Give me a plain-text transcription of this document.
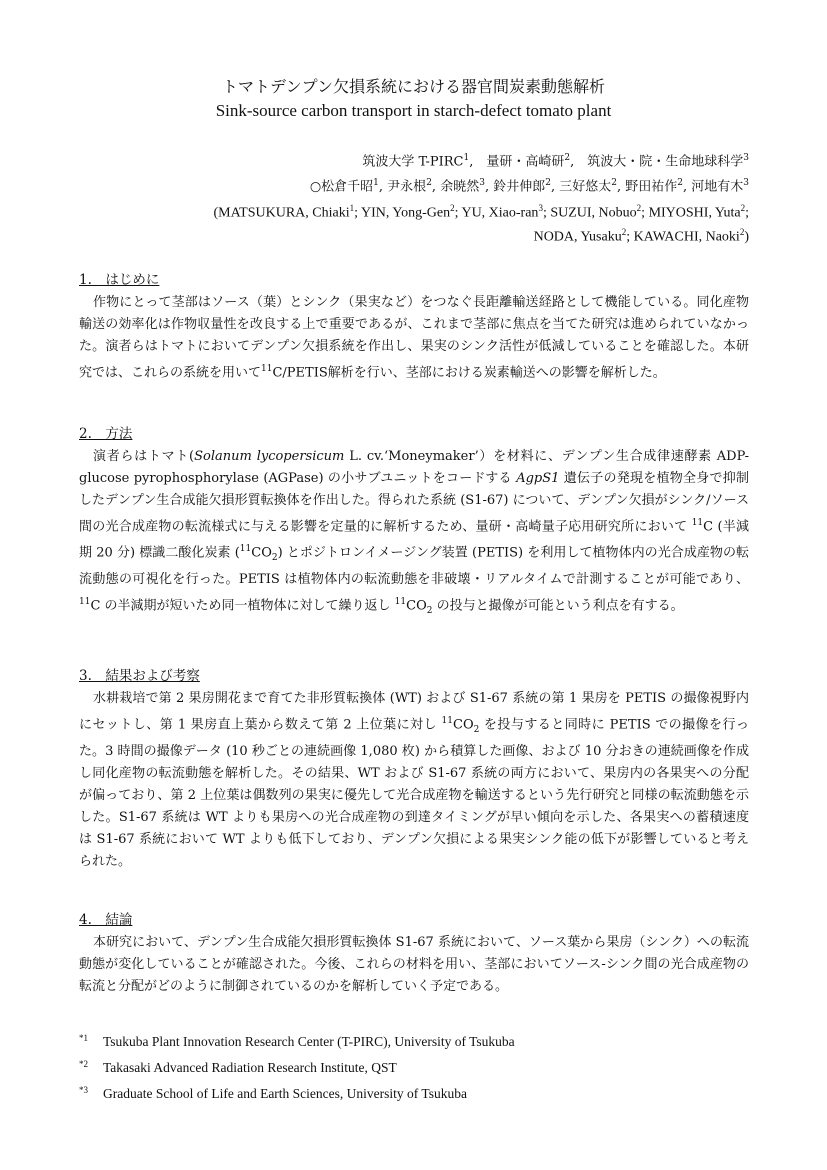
トマトデンプン欠損系統における器官間炭素動態解析
Sink-source carbon transport in starch-defect tomato plant
筑波大学 T-PIRC$^1$,　量研・高崎研$^2$,　筑波大・院・生命地球科学$^3$
○松倉千昭$^1$, 尹永根$^2$, 余暁然$^3$, 鈴井伸郎$^2$, 三好悠太$^2$, 野田祐作$^2$, 河地有木$^3$
(MATSUKURA, Chiaki$^1$; YIN, Yong-Gen$^2$; YU, Xiao-ran$^3$; SUZUI, Nobuo$^2$; MIYOSHI, Yuta$^2$;
NODA, Yusaku$^2$; KAWACHI, Naoki$^2$)

1.　はじめに

作物にとって茎部はソース（葉）とシンク（果実など）をつなぐ長距離輸送経路として機能している。同化産物輸送の効率化は作物収量性を改良する上で重要であるが、これまで茎部に焦点を当てた研究は進められていなかった。演者らはトマトにおいてデンプン欠損系統を作出し、果実のシンク活性が低減していることを確認した。本研究では、これらの系統を用いて$^{11}$C/PETIS解析を行い、茎部における炭素輸送への影響を解析した。

2.　方法

演者らはトマト(Solanum lycopersicum L. cv.‘Moneymaker’）を材料に、デンプン生合成律速酵素 ADP-glucose pyrophosphorylase (AGPase) の小サブユニットをコードする AgpS1 遺伝子の発現を植物全身で抑制したデンプン生合成能欠損形質転換体を作出した。得られた系統 (S1-67) について、デンプン欠損がシンク/ソース間の光合成産物の転流様式に与える影響を定量的に解析するため、量研・高崎量子応用研究所において $^{11}$C (半減期 20 分) 標識二酸化炭素 $(^{11}CO_2)$ とポジトロンイメージング装置 (PETIS) を利用して植物体内の光合成産物の転流動態の可視化を行った。PETIS は植物体内の転流動態を非破壊・リアルタイムで計測することが可能であり、$^{11}$C の半減期が短いため同一植物体に対して繰り返し $^{11}CO_2$ の投与と撮像が可能という利点を有する。

3.　結果および考察

水耕栽培で第 2 果房開花まで育てた非形質転換体 (WT) および S1-67 系統の第 1 果房を PETIS の撮像視野内にセットし、第 1 果房直上葉から数えて第 2 上位葉に対し $^{11}CO_2$ を投与すると同時に PETIS での撮像を行った。3 時間の撮像データ (10 秒ごとの連続画像 1,080 枚) から積算した画像、および 10 分おきの連続画像を作成し同化産物の転流動態を解析した。その結果、WT および S1-67 系統の両方において、果房内の各果実への分配が偏っており、第 2 上位葉は偶数列の果実に優先して光合成産物を輸送するという先行研究と同様の転流動態を示した。S1-67 系統は WT よりも果房への光合成産物の到達タイミングが早い傾向を示した、各果実への蓄積速度は S1-67 系統において WT よりも低下しており、デンプン欠損による果実シンク能の低下が影響していると考えられた。

4.　結論

本研究において、デンプン生合成能欠損形質転換体 S1-67 系統において、ソース葉から果房（シンク）への転流動態が変化していることが確認された。今後、これらの材料を用い、茎部においてソース-シンク間の光合成産物の転流と分配がどのように制御されているのかを解析していく予定である。

*1	Tsukuba Plant Innovation Research Center (T-PIRC), University of Tsukuba
*2	Takasaki Advanced Radiation Research Institute, QST
*3	Graduate School of Life and Earth Sciences, University of Tsukuba
